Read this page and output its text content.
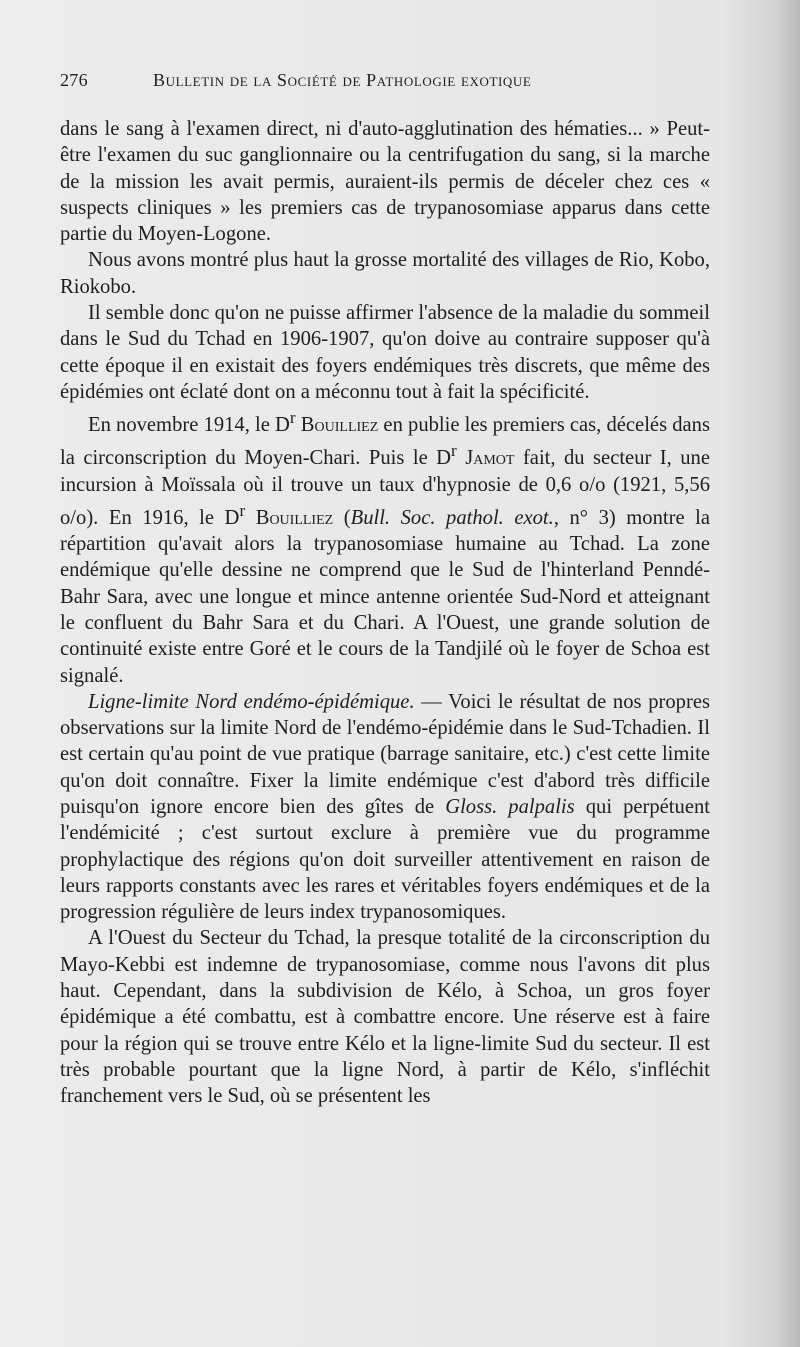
276	Bulletin de la Société de Pathologie exotique

dans le sang à l'examen direct, ni d'auto-agglutination des hématies... » Peut-être l'examen du suc ganglionnaire ou la centrifugation du sang, si la marche de la mission les avait permis, auraient-ils permis de déceler chez ces « suspects cliniques » les premiers cas de trypanosomiase apparus dans cette partie du Moyen-Logone.

Nous avons montré plus haut la grosse mortalité des villages de Rio, Kobo, Riokobo.

Il semble donc qu'on ne puisse affirmer l'absence de la maladie du sommeil dans le Sud du Tchad en 1906-1907, qu'on doive au contraire supposer qu'à cette époque il en existait des foyers endémiques très discrets, que même des épidémies ont éclaté dont on a méconnu tout à fait la spécificité.

En novembre 1914, le $D^r$ Bouilliez en publie les premiers cas, décelés dans la circonscription du Moyen-Chari. Puis le $D^r$ Jamot fait, du secteur I, une incursion à Moïssala où il trouve un taux d'hypnosie de 0,6 o/o (1921, 5,56 o/o). En 1916, le $D^r$ Bouilliez (Bull. Soc. pathol. exot., n° 3) montre la répartition qu'avait alors la trypanosomiase humaine au Tchad. La zone endémique qu'elle dessine ne comprend que le Sud de l'hinterland Penndé-Bahr Sara, avec une longue et mince antenne orientée Sud-Nord et atteignant le confluent du Bahr Sara et du Chari. A l'Ouest, une grande solution de continuité existe entre Goré et le cours de la Tandjilé où le foyer de Schoa est signalé.

Ligne-limite Nord endémo-épidémique. — Voici le résultat de nos propres observations sur la limite Nord de l'endémo-épidémie dans le Sud-Tchadien. Il est certain qu'au point de vue pratique (barrage sanitaire, etc.) c'est cette limite qu'on doit connaître. Fixer la limite endémique c'est d'abord très difficile puisqu'on ignore encore bien des gîtes de Gloss. palpalis qui perpétuent l'endémicité ; c'est surtout exclure à première vue du programme prophylactique des régions qu'on doit surveiller attentivement en raison de leurs rapports constants avec les rares et véritables foyers endémiques et de la progression régulière de leurs index trypanosomiques.

A l'Ouest du Secteur du Tchad, la presque totalité de la circonscription du Mayo-Kebbi est indemne de trypanosomiase, comme nous l'avons dit plus haut. Cependant, dans la subdivision de Kélo, à Schoa, un gros foyer épidémique a été combattu, est à combattre encore. Une réserve est à faire pour la région qui se trouve entre Kélo et la ligne-limite Sud du secteur. Il est très probable pourtant que la ligne Nord, à partir de Kélo, s'infléchit franchement vers le Sud, où se présentent les
